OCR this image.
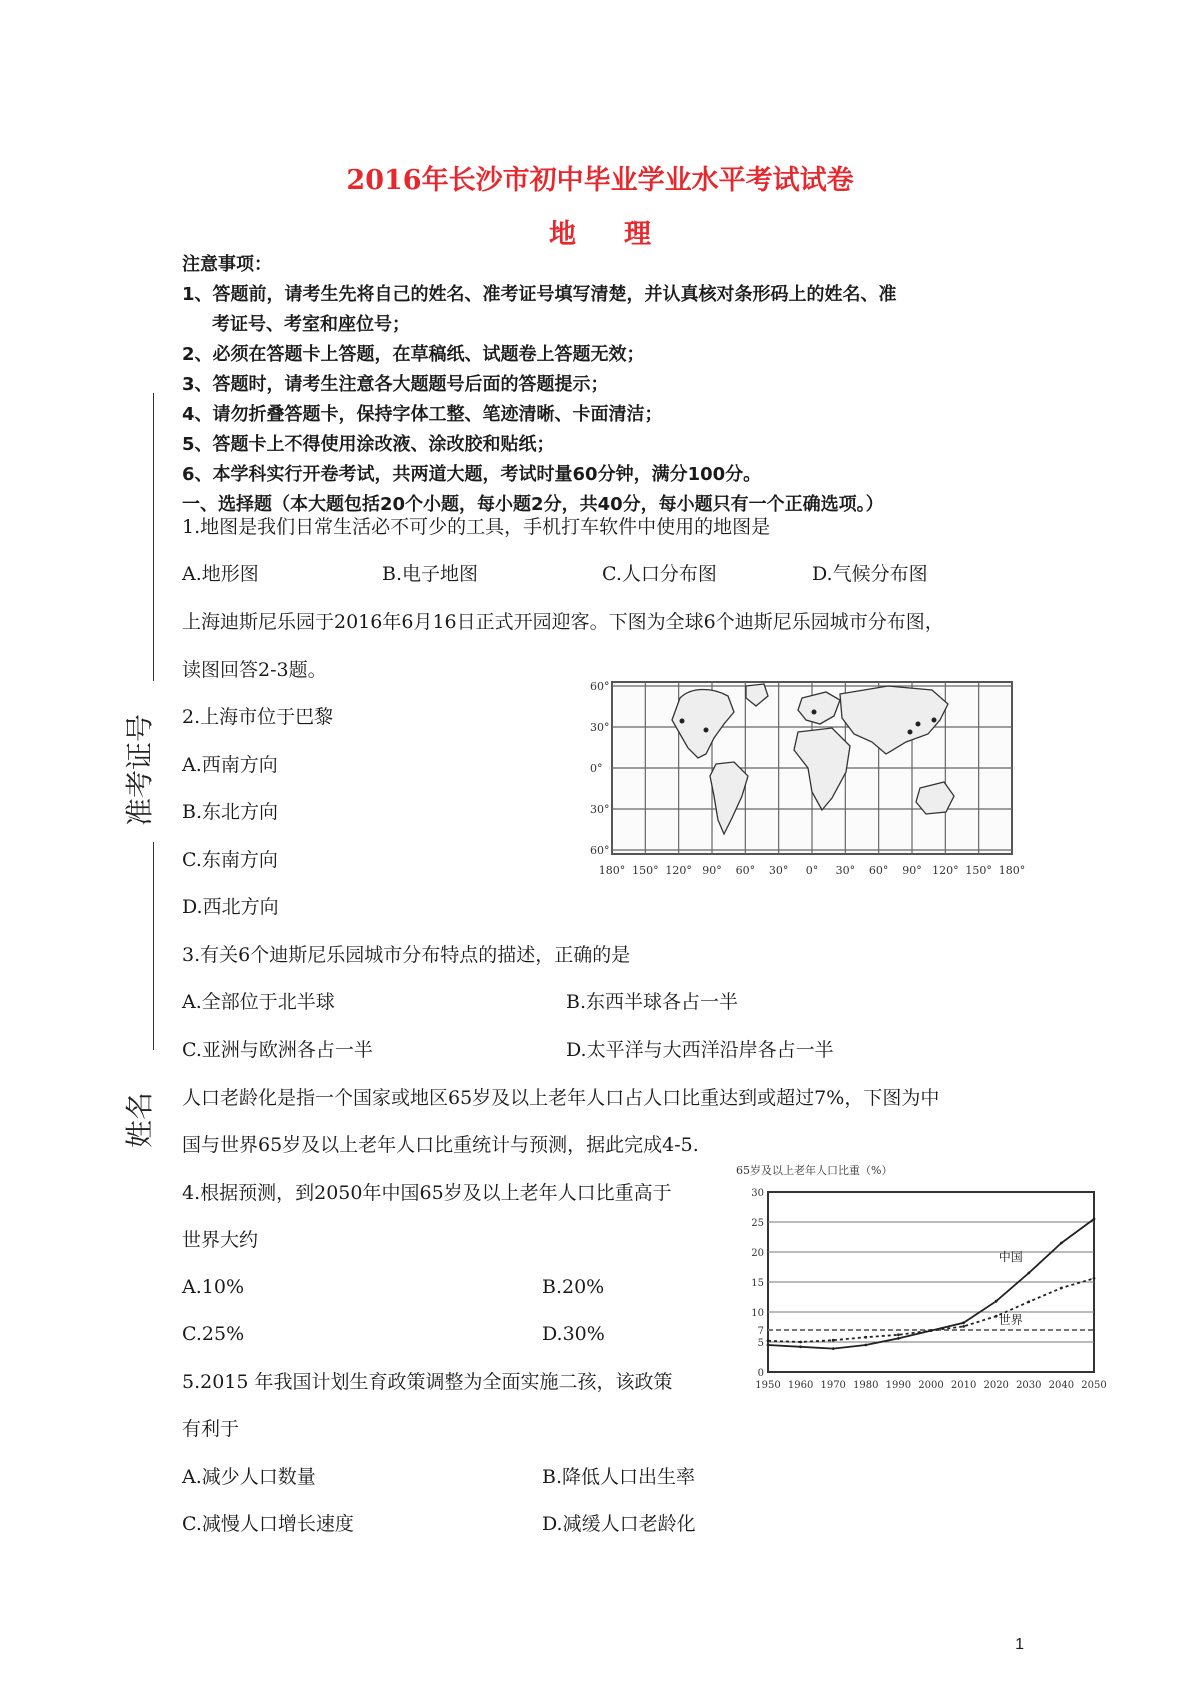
2016年长沙市初中毕业学业水平考试试卷
地理
注意事项：
1、答题前，请考生先将自己的姓名、准考证号填写清楚，并认真核对条形码上的姓名、准
考证号、考室和座位号；
2、必须在答题卡上答题，在草稿纸、试题卷上答题无效；
3、答题时，请考生注意各大题题号后面的答题提示；
4、请勿折叠答题卡，保持字体工整、笔迹清晰、卡面清洁；
5、答题卡上不得使用涂改液、涂改胶和贴纸；
6、本学科实行开卷考试，共两道大题，考试时量60分钟，满分100分。
一、选择题（本大题包括20个小题，每小题2分，共40分，每小题只有一个正确选项。）
准考证号
姓名
1.地图是我们日常生活必不可少的工具，手机打车软件中使用的地图是
A.地形图	B.电子地图	C.人口分布图	D.气候分布图
上海迪斯尼乐园于2016年6月16日正式开园迎客。下图为全球6个迪斯尼乐园城市分布图，
读图回答2-3题。
2.上海市位于巴黎
A.西南方向
B.东北方向
C.东南方向
D.西北方向
60°
30°
0°
30°
60°
180° 150° 120° 90° 60° 30° 0° 30° 60° 90° 120° 150° 180°
3.有关6个迪斯尼乐园城市分布特点的描述，正确的是
A.全部位于北半球	B.东西半球各占一半
C.亚洲与欧洲各占一半	D.太平洋与大西洋沿岸各占一半
人口老龄化是指一个国家或地区65岁及以上老年人口占人口比重达到或超过7%，下图为中
国与世界65岁及以上老年人口比重统计与预测，据此完成4-5.
4.根据预测，到2050年中国65岁及以上老年人口比重高于
世界大约
A.10%	B.20%
C.25%	D.30%
5.2015 年我国计划生育政策调整为全面实施二孩，该政策
有利于
A.减少人口数量	B.降低人口出生率
C.减慢人口增长速度	D.减缓人口老龄化
65岁及以上老年人口比重（%）
30
25
20
15
10
7
5
0
1950 1960 1970 1980 1990 2000 2010 2020 2030 2040 2050
中国
世界
1
